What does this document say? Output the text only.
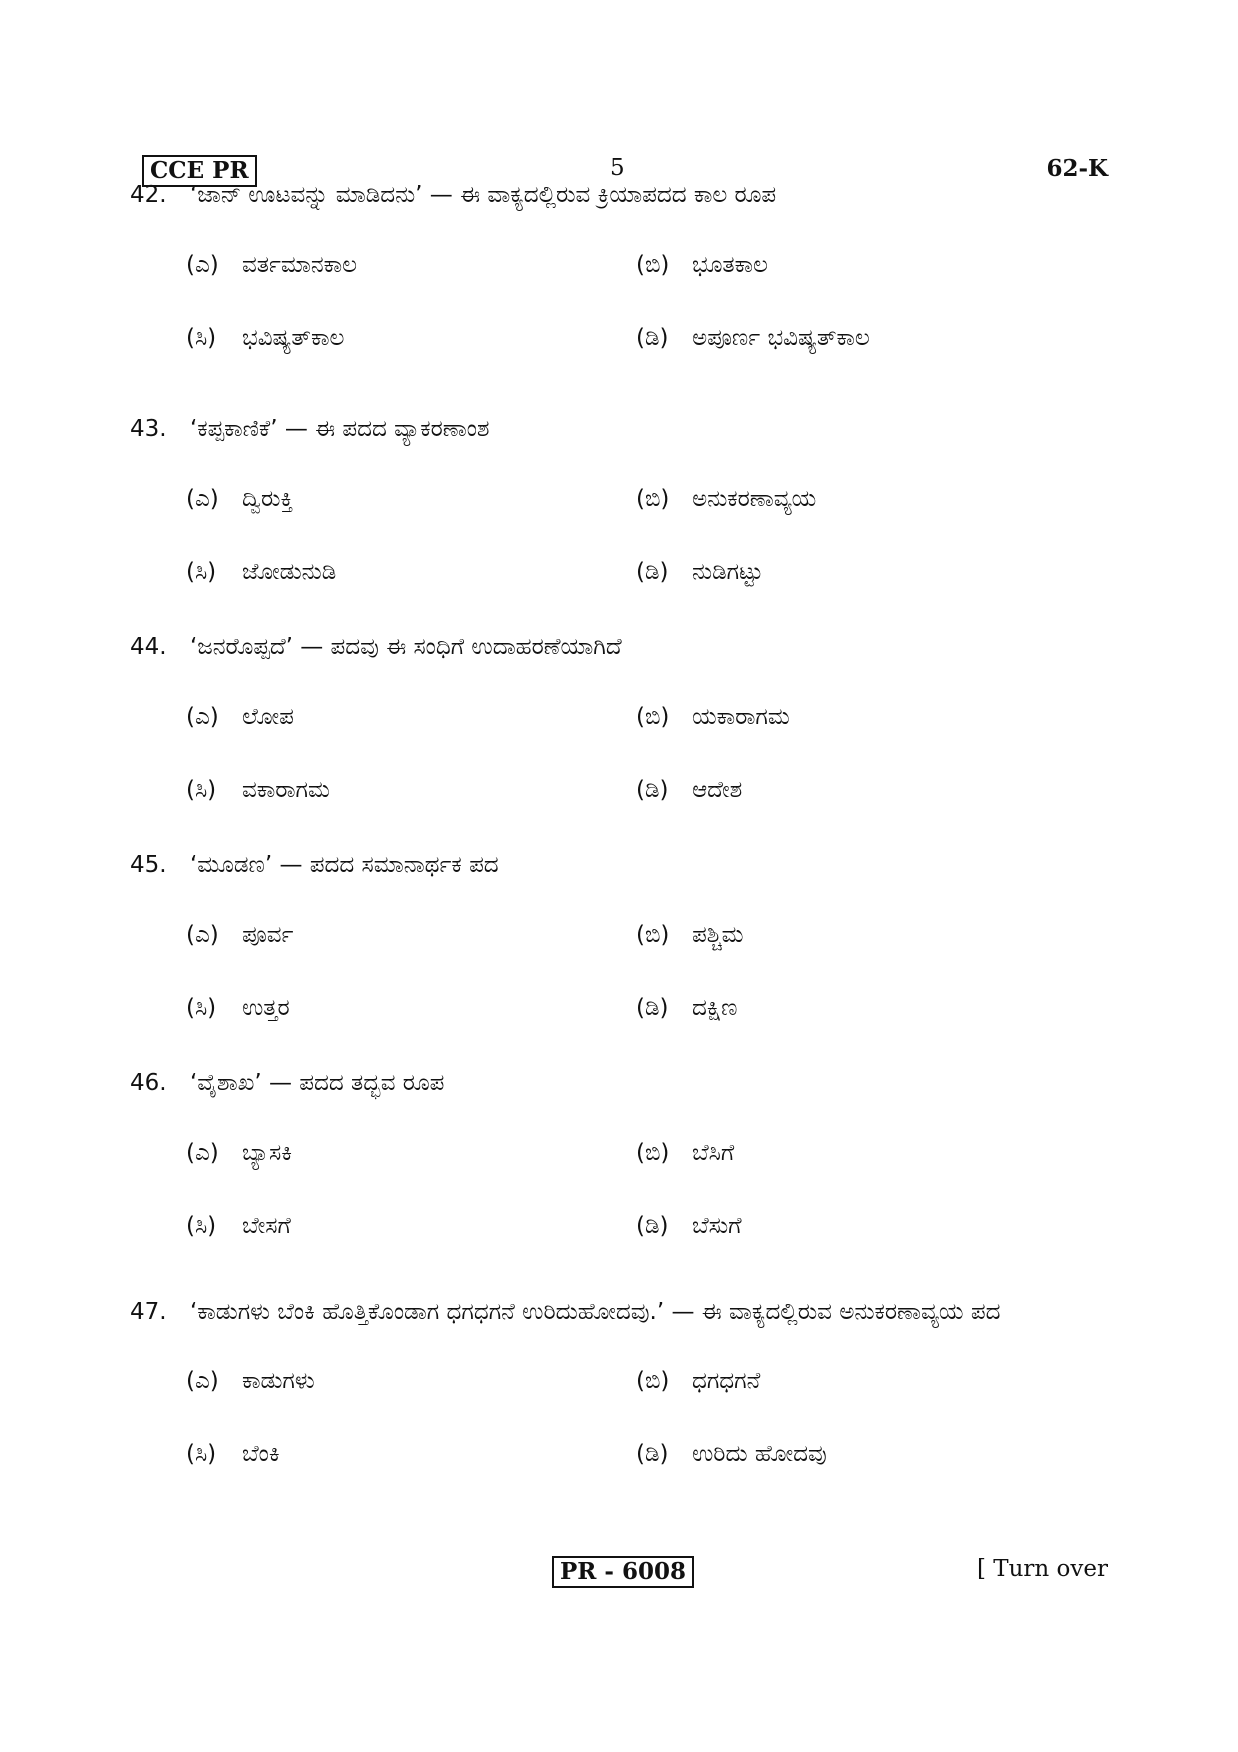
CCE PR	5	62-K
42.	‘ಜಾನ್ ಊಟವನ್ನು ಮಾಡಿದನು’ — ಈ ವಾಕ್ಯದಲ್ಲಿರುವ ಕ್ರಿಯಾಪದದ ಕಾಲ ರೂಪ
(ಎ)	ವರ್ತಮಾನಕಾಲ	(ಬಿ) ಭೂತಕಾಲ
(ಸಿ)	ಭವಿಷ್ಯತ್‌ಕಾಲ	(ಡಿ)	ಅಪೂರ್ಣ ಭವಿಷ್ಯತ್‌ಕಾಲ
43.	‘ಕಪ್ಪಕಾಣಿಕೆ’ — ಈ ಪದದ ವ್ಯಾಕರಣಾಂಶ
(ಎ)	ದ್ವಿರುಕ್ತಿ	(ಬಿ) ಅನುಕರಣಾವ್ಯಯ
(ಸಿ)	ಜೋಡುನುಡಿ	(ಡಿ)	ನುಡಿಗಟ್ಟು
44.	‘ಜನರೊಪ್ಪದೆ’ — ಪದವು ಈ ಸಂಧಿಗೆ ಉದಾಹರಣೆಯಾಗಿದೆ
(ಎ)	ಲೋಪ	(ಬಿ) ಯಕಾರಾಗಮ
(ಸಿ)	ವಕಾರಾಗಮ	(ಡಿ)	ಆದೇಶ
45.	‘ಮೂಡಣ’ — ಪದದ ಸಮಾನಾರ್ಥಕ ಪದ
(ಎ)	ಪೂರ್ವ	(ಬಿ) ಪಶ್ಚಿಮ
(ಸಿ)	ಉತ್ತರ	(ಡಿ)	ದಕ್ಷಿಣ
46.	‘ವೈಶಾಖ’ — ಪದದ ತದ್ಭವ ರೂಪ
(ಎ)	ಬ್ಯಾಸಕಿ	(ಬಿ) ಬೆಸಿಗೆ
(ಸಿ)	ಬೇಸಗೆ	(ಡಿ)	ಬೆಸುಗೆ
47.	‘ಕಾಡುಗಳು ಬೆಂಕಿ ಹೊತ್ತಿಕೊಂಡಾಗ ಧಗಧಗನೆ ಉರಿದುಹೋದವು.’ — ಈ ವಾಕ್ಯದಲ್ಲಿರುವ ಅನುಕರಣಾವ್ಯಯ ಪದ
(ಎ)	ಕಾಡುಗಳು	(ಬಿ) ಧಗಧಗನೆ
(ಸಿ)	ಬೆಂಕಿ	(ಡಿ)	ಉರಿದು ಹೋದವು
PR - 6008	[ Turn over
